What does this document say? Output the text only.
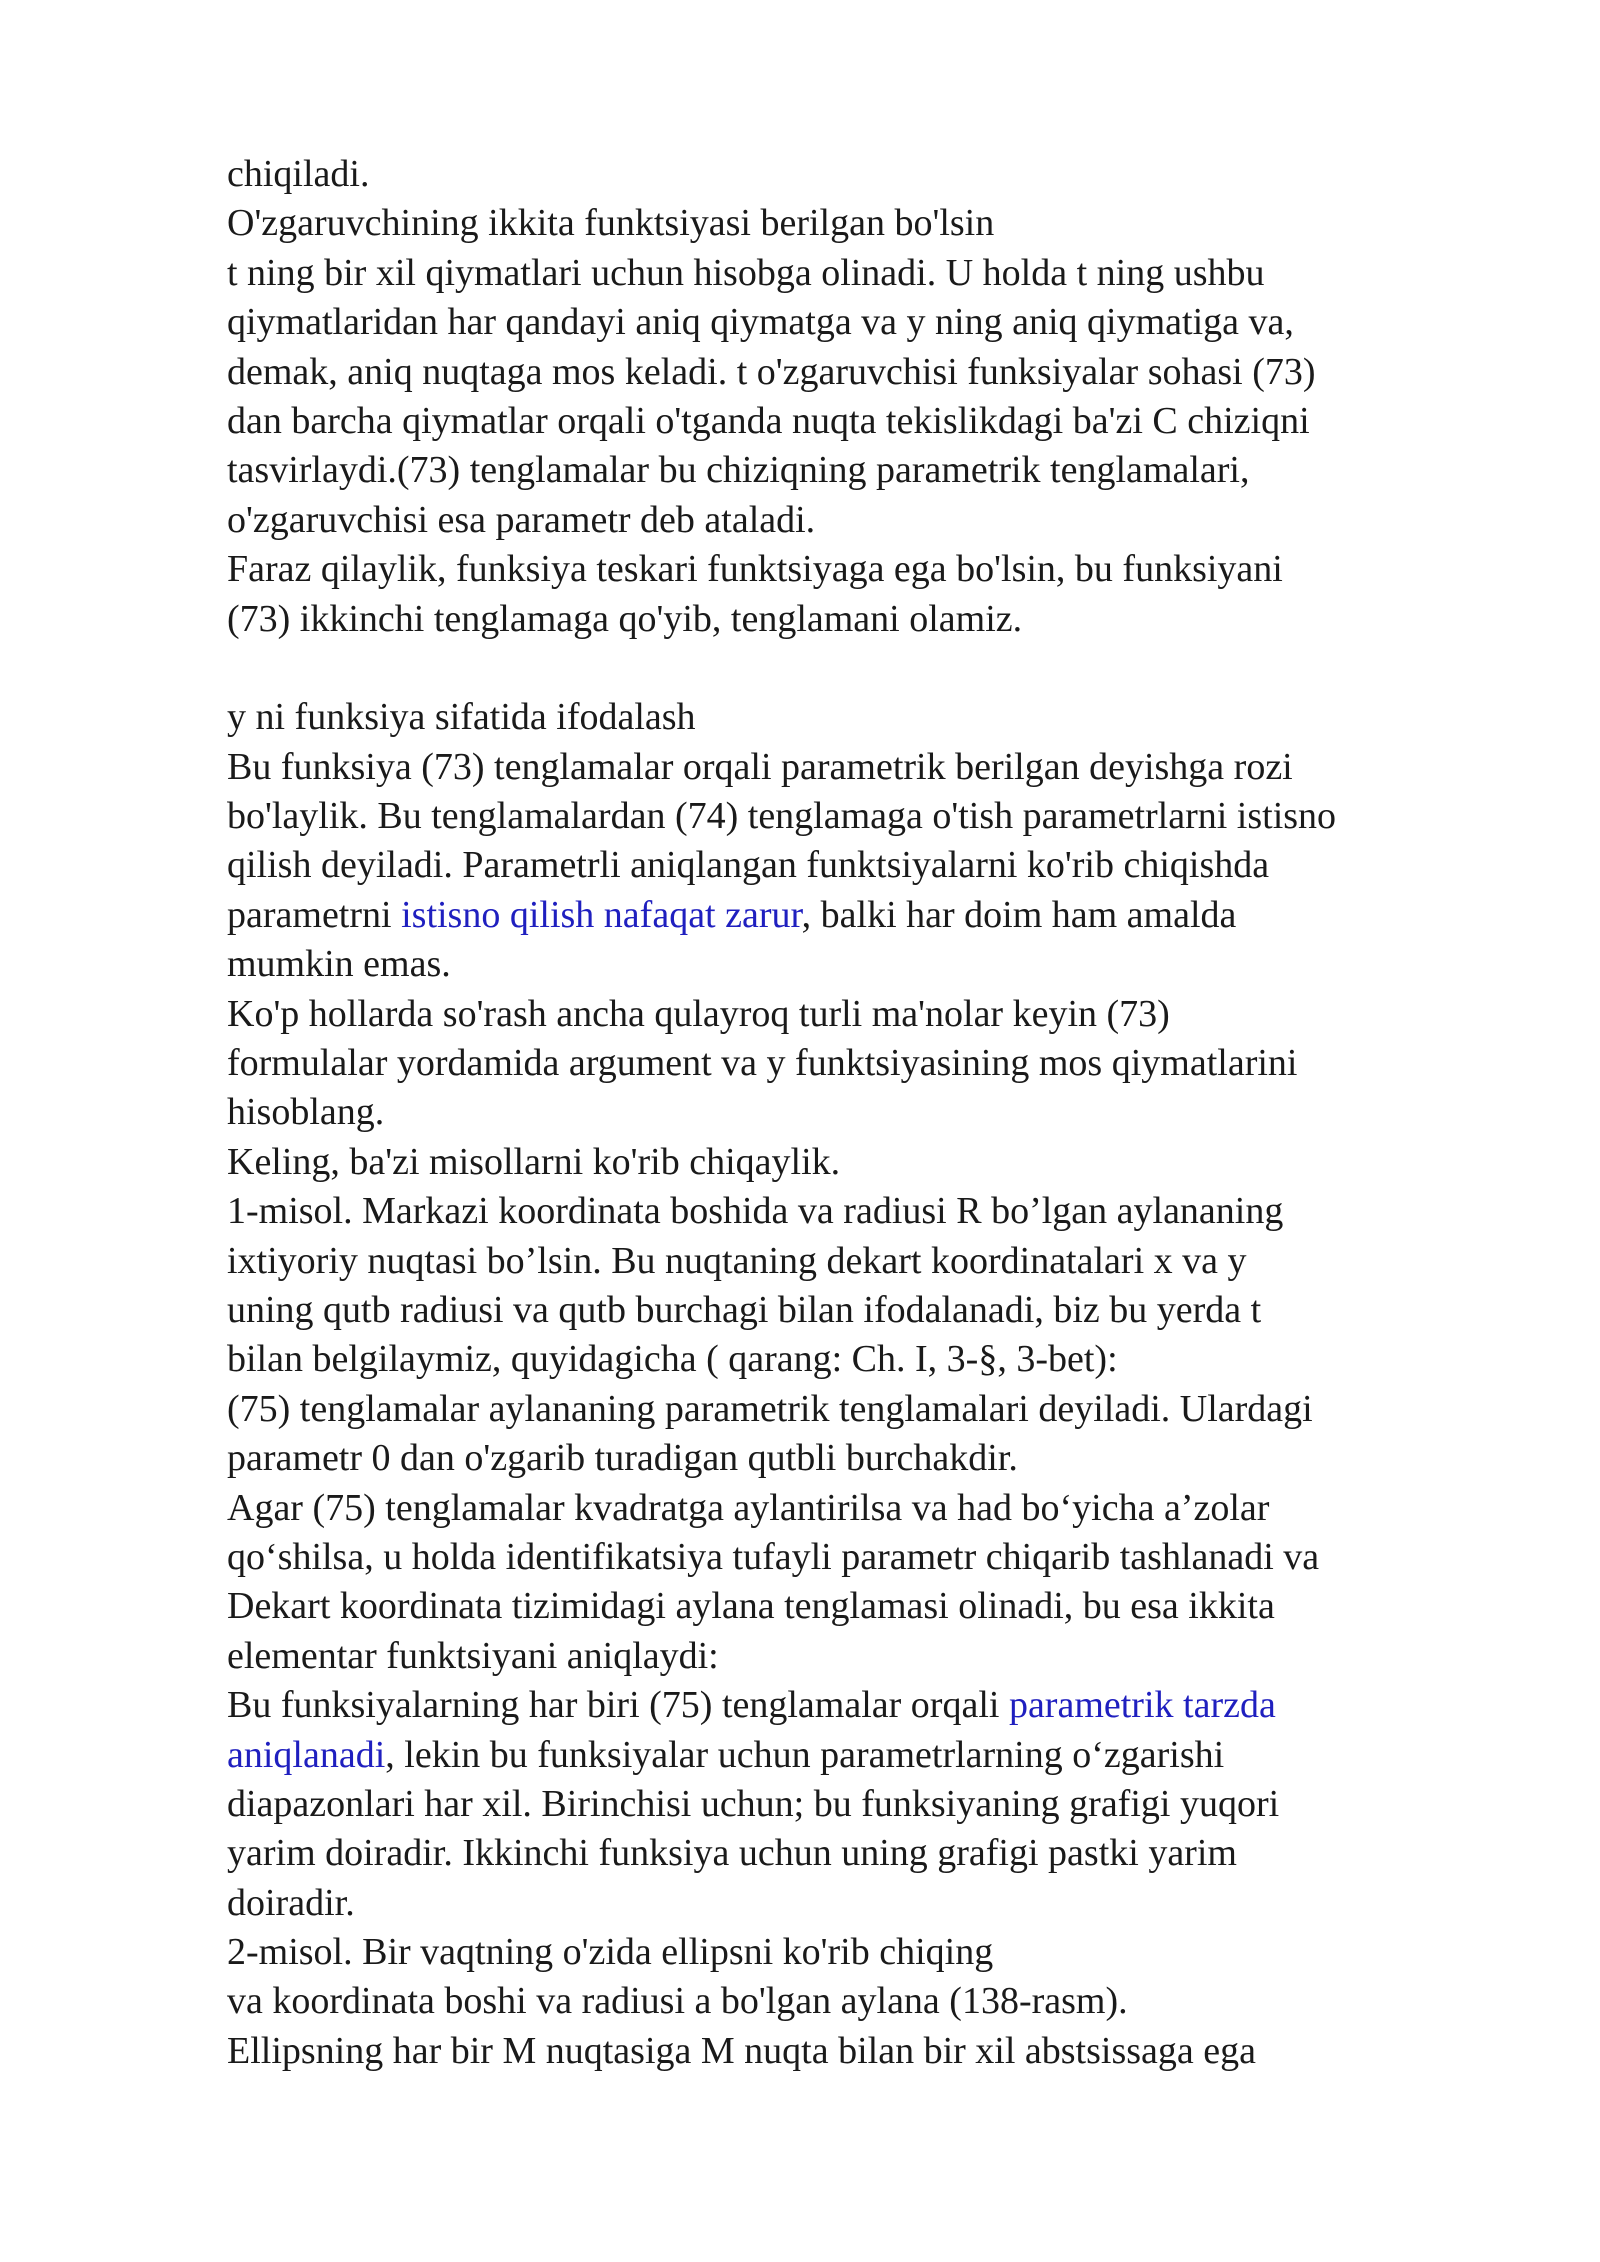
chiqiladi.
O'zgaruvchining ikkita funktsiyasi berilgan bo'lsin
t ning bir xil qiymatlari uchun hisobga olinadi. U holda t ning ushbu
qiymatlaridan har qandayi aniq qiymatga va y ning aniq qiymatiga va,
demak, aniq nuqtaga mos keladi. t o'zgaruvchisi funksiyalar sohasi (73)
dan barcha qiymatlar orqali o'tganda nuqta tekislikdagi ba'zi C chiziqni
tasvirlaydi.(73) tenglamalar bu chiziqning parametrik tenglamalari,
o'zgaruvchisi esa parametr deb ataladi.
Faraz qilaylik, funksiya teskari funktsiyaga ega bo'lsin, bu funksiyani
(73) ikkinchi tenglamaga qo'yib, tenglamani olamiz.
y ni funksiya sifatida ifodalash
Bu funksiya (73) tenglamalar orqali parametrik berilgan deyishga rozi
bo'laylik. Bu tenglamalardan (74) tenglamaga o'tish parametrlarni istisno
qilish deyiladi. Parametrli aniqlangan funktsiyalarni ko'rib chiqishda
parametrni istisno qilish nafaqat zarur, balki har doim ham amalda
mumkin emas.
Ko'p hollarda so'rash ancha qulayroq turli ma'nolar keyin (73)
formulalar yordamida argument va y funktsiyasining mos qiymatlarini
hisoblang.
Keling, ba'zi misollarni ko'rib chiqaylik.
1-misol. Markazi koordinata boshida va radiusi R bo’lgan aylananing
ixtiyoriy nuqtasi bo’lsin. Bu nuqtaning dekart koordinatalari x va y
uning qutb radiusi va qutb burchagi bilan ifodalanadi, biz bu yerda t
bilan belgilaymiz, quyidagicha ( qarang: Ch. I, 3-§, 3-bet):
(75) tenglamalar aylananing parametrik tenglamalari deyiladi. Ulardagi
parametr 0 dan o'zgarib turadigan qutbli burchakdir.
Agar (75) tenglamalar kvadratga aylantirilsa va had bo‘yicha a’zolar
qo‘shilsa, u holda identifikatsiya tufayli parametr chiqarib tashlanadi va
Dekart koordinata tizimidagi aylana tenglamasi olinadi, bu esa ikkita
elementar funktsiyani aniqlaydi:
Bu funksiyalarning har biri (75) tenglamalar orqali parametrik tarzda
aniqlanadi, lekin bu funksiyalar uchun parametrlarning o‘zgarishi
diapazonlari har xil. Birinchisi uchun; bu funksiyaning grafigi yuqori
yarim doiradir. Ikkinchi funksiya uchun uning grafigi pastki yarim
doiradir.
2-misol. Bir vaqtning o'zida ellipsni ko'rib chiqing
va koordinata boshi va radiusi a bo'lgan aylana (138-rasm).
Ellipsning har bir M nuqtasiga M nuqta bilan bir xil abstsissaga ega
